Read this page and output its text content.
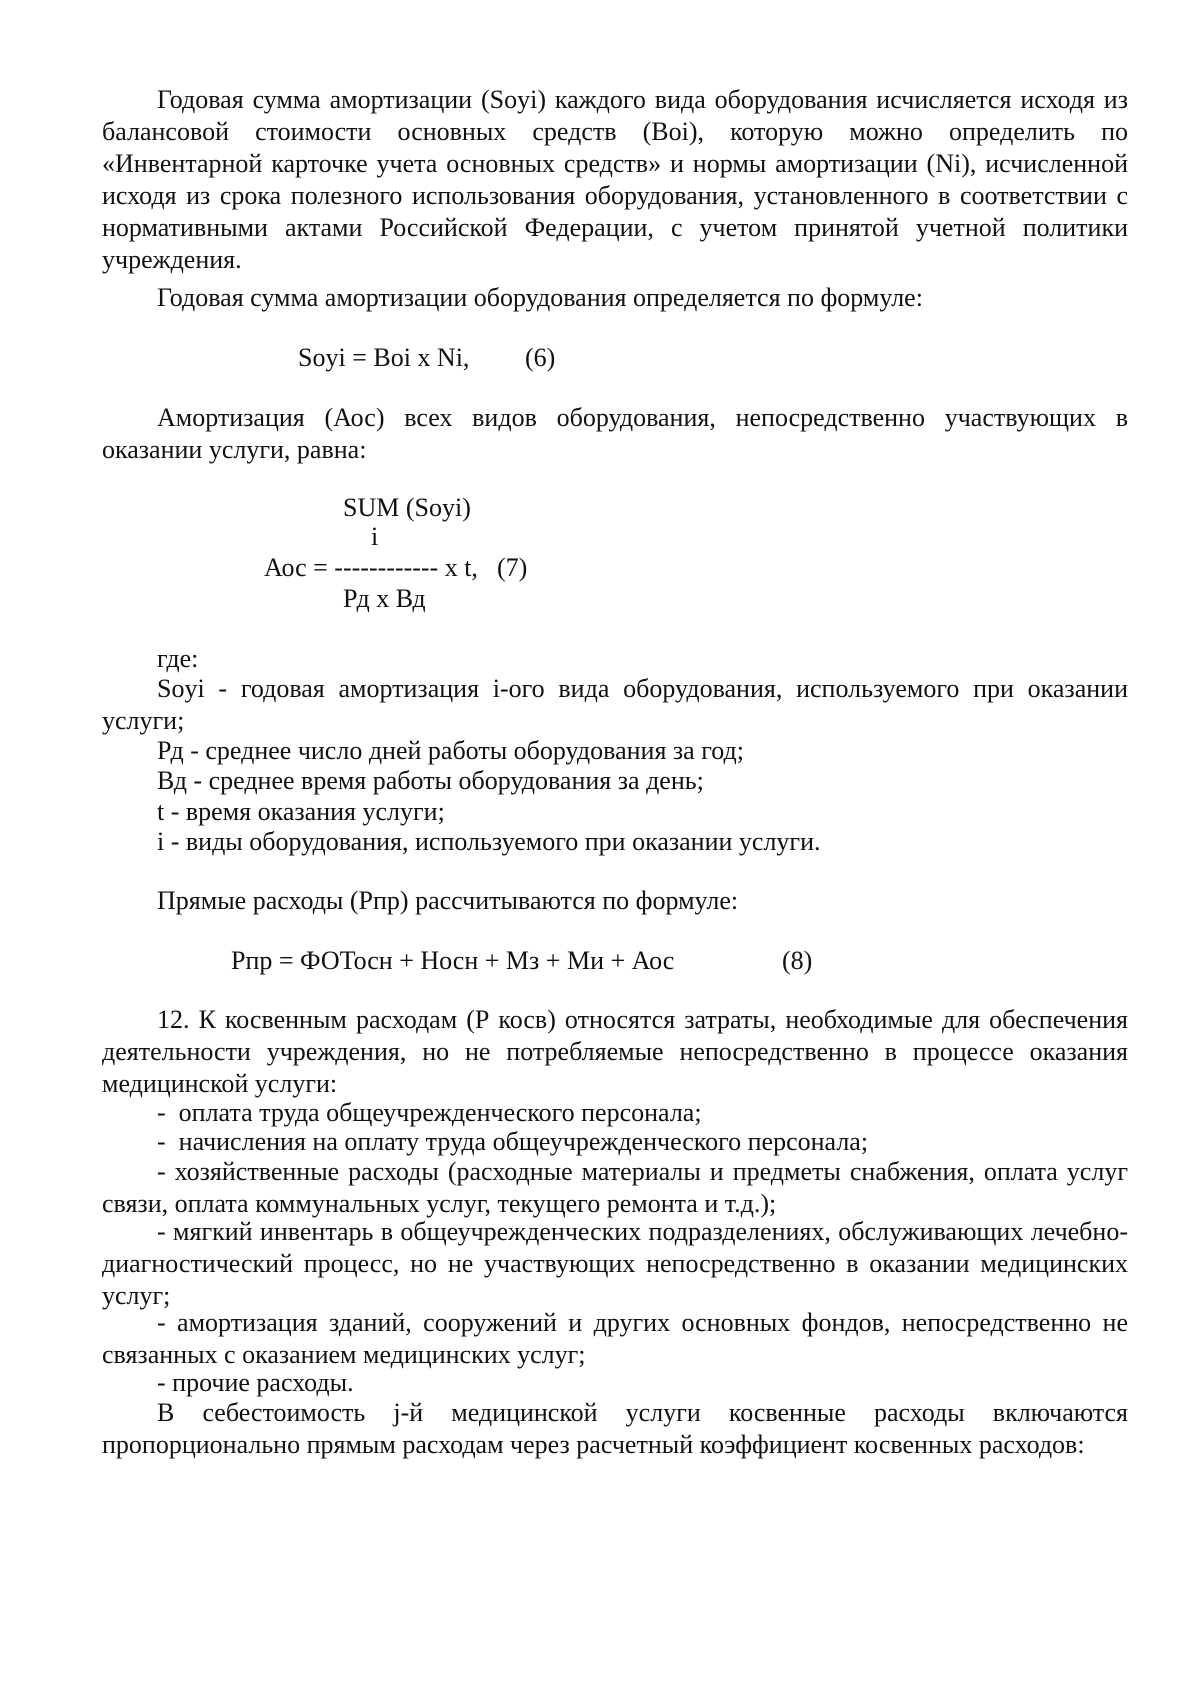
Годовая сумма амортизации (Soyi) каждого вида оборудования исчисляется исходя из балансовой стоимости основных средств (Boi), которую можно определить по «Инвентарной карточке учета основных средств» и нормы амортизации (Ni), исчисленной исходя из срока полезного использования оборудования, установленного в соответствии с нормативными актами Российской Федерации, с учетом принятой учетной политики учреждения.
Годовая сумма амортизации оборудования определяется по формуле:
Soyi = Boi x Ni, (6)
Амортизация (Аос) всех видов оборудования, непосредственно участвующих в оказании услуги, равна:
SUM (Soyi)
i
Аос = ------------ x t, (7)
Рд x Вд
где:
Soyi - годовая амортизация i-ого вида оборудования, используемого при оказании услуги;
Рд - среднее число дней работы оборудования за год;
Вд - среднее время работы оборудования за день;
t - время оказания услуги;
i - виды оборудования, используемого при оказании услуги.
Прямые расходы (Рпр) рассчитываются по формуле:
Рпр = ФОТосн + Носн + Мз + Ми + Аос	(8)
12. К косвенным расходам (Р косв) относятся затраты, необходимые для обеспечения деятельности учреждения, но не потребляемые непосредственно в процессе оказания медицинской услуги:
-  оплата труда общеучрежденческого персонала;
-  начисления на оплату труда общеучрежденческого персонала;
- хозяйственные расходы (расходные материалы и предметы снабжения, оплата услуг связи, оплата коммунальных услуг, текущего ремонта и т.д.);
- мягкий инвентарь в общеучрежденческих подразделениях, обслуживающих лечебно-диагностический процесс, но не участвующих непосредственно в оказании медицинских услуг;
- амортизация зданий, сооружений и других основных фондов, непосредственно не связанных с оказанием медицинских услуг;
- прочие расходы.
В себестоимость j-й медицинской услуги косвенные расходы включаются пропорционально прямым расходам через расчетный коэффициент косвенных расходов:
